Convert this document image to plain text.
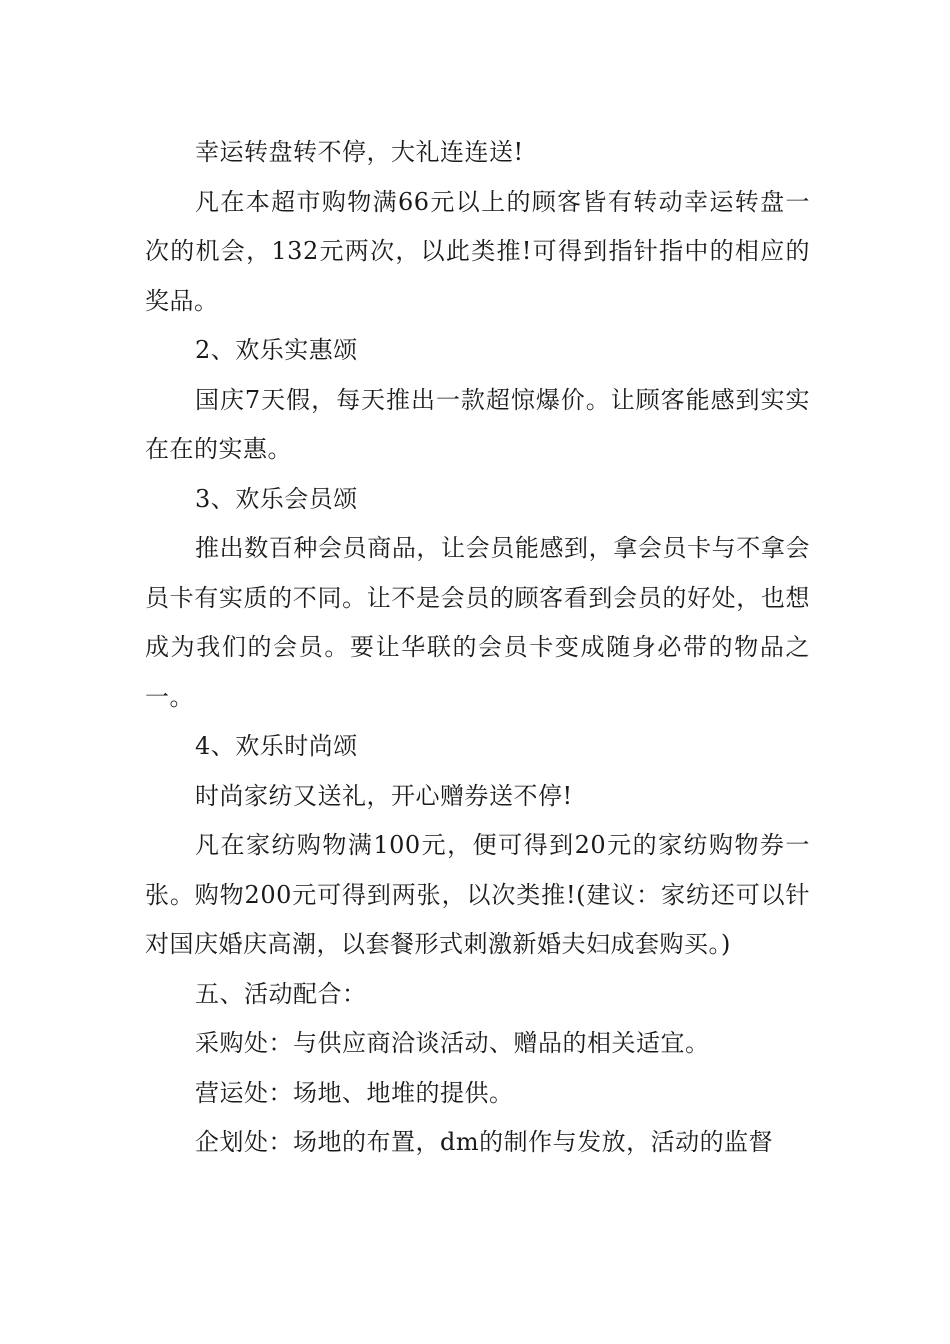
幸运转盘转不停，大礼连连送!

凡在本超市购物满66元以上的顾客皆有转动幸运转盘一次的机会，132元两次，以此类推!可得到指针指中的相应的奖品。

2、欢乐实惠颂

国庆7天假，每天推出一款超惊爆价。让顾客能感到实实在在的实惠。

3、欢乐会员颂

推出数百种会员商品，让会员能感到，拿会员卡与不拿会员卡有实质的不同。让不是会员的顾客看到会员的好处，也想成为我们的会员。要让华联的会员卡变成随身必带的物品之一。

4、欢乐时尚颂

时尚家纺又送礼，开心赠券送不停!

凡在家纺购物满100元，便可得到20元的家纺购物券一张。购物200元可得到两张，以次类推!(建议：家纺还可以针对国庆婚庆高潮，以套餐形式刺激新婚夫妇成套购买。)

五、活动配合：

采购处：与供应商洽谈活动、赠品的相关适宜。

营运处：场地、地堆的提供。

企划处：场地的布置，dm的制作与发放，活动的监督
